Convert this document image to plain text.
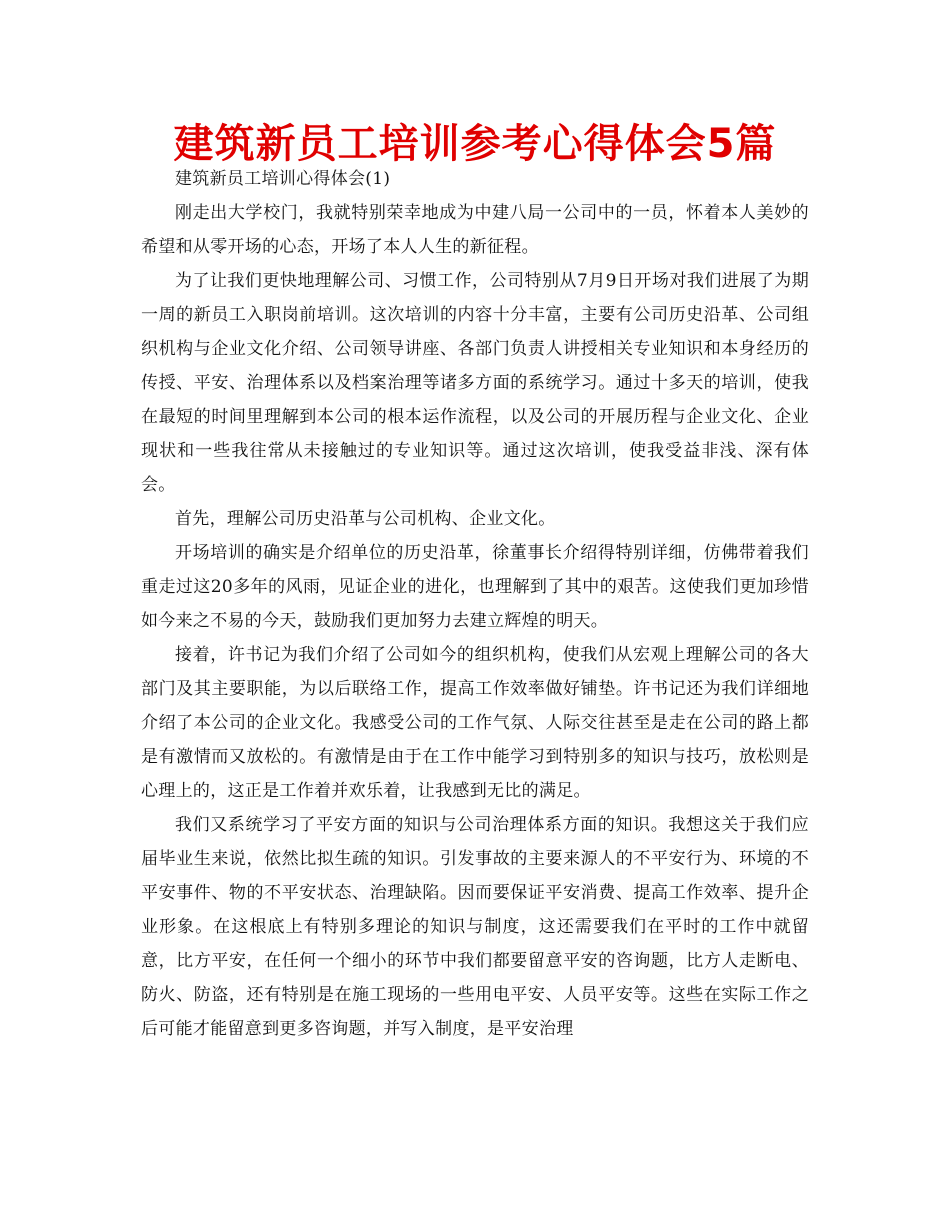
建筑新员工培训参考心得体会5篇

建筑新员工培训心得体会(1)

刚走出大学校门，我就特别荣幸地成为中建八局一公司中的一员，怀着本人美妙的希望和从零开场的心态，开场了本人人生的新征程。

为了让我们更快地理解公司、习惯工作，公司特别从7月9日开场对我们进展了为期一周的新员工入职岗前培训。这次培训的内容十分丰富，主要有公司历史沿革、公司组织机构与企业文化介绍、公司领导讲座、各部门负责人讲授相关专业知识和本身经历的传授、平安、治理体系以及档案治理等诸多方面的系统学习。通过十多天的培训，使我在最短的时间里理解到本公司的根本运作流程，以及公司的开展历程与企业文化、企业现状和一些我往常从未接触过的专业知识等。通过这次培训，使我受益非浅、深有体会。

首先，理解公司历史沿革与公司机构、企业文化。

开场培训的确实是介绍单位的历史沿革，徐董事长介绍得特别详细，仿佛带着我们重走过这20多年的风雨，见证企业的进化，也理解到了其中的艰苦。这使我们更加珍惜如今来之不易的今天，鼓励我们更加努力去建立辉煌的明天。

接着，许书记为我们介绍了公司如今的组织机构，使我们从宏观上理解公司的各大部门及其主要职能，为以后联络工作，提高工作效率做好铺垫。许书记还为我们详细地介绍了本公司的企业文化。我感受公司的工作气氛、人际交往甚至是走在公司的路上都是有激情而又放松的。有激情是由于在工作中能学习到特别多的知识与技巧，放松则是心理上的，这正是工作着并欢乐着，让我感到无比的满足。

我们又系统学习了平安方面的知识与公司治理体系方面的知识。我想这关于我们应届毕业生来说，依然比拟生疏的知识。引发事故的主要来源人的不平安行为、环境的不平安事件、物的不平安状态、治理缺陷。因而要保证平安消费、提高工作效率、提升企业形象。在这根底上有特别多理论的知识与制度，这还需要我们在平时的工作中就留意，比方平安，在任何一个细小的环节中我们都要留意平安的咨询题，比方人走断电、防火、防盗，还有特别是在施工现场的一些用电平安、人员平安等。这些在实际工作之后可能才能留意到更多咨询题，并写入制度，是平安治理
